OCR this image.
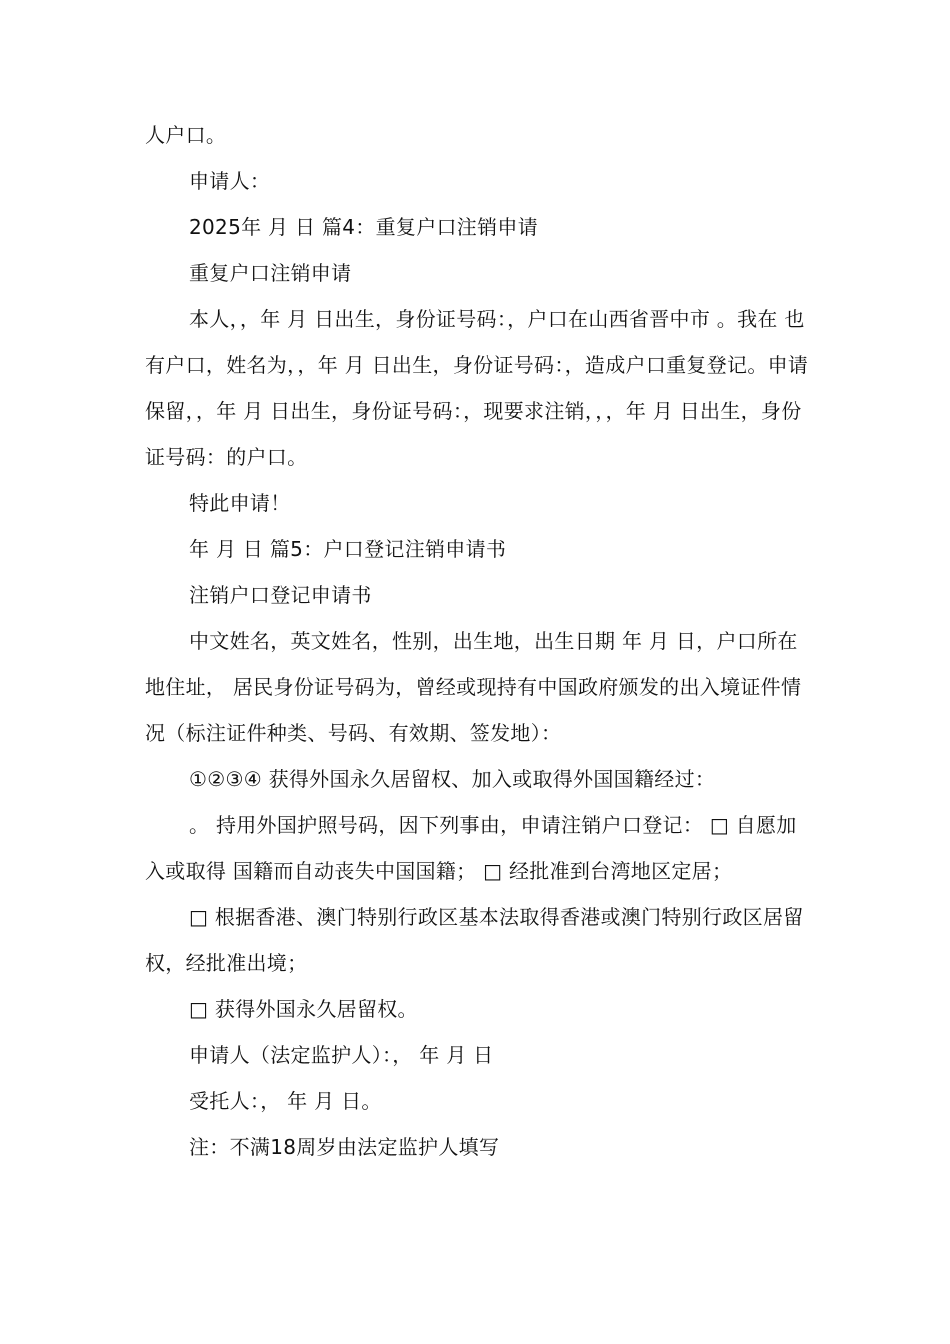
人户口。

申请人：

2025年 月 日 篇4：重复户口注销申请

重复户口注销申请

本人，，年 月 日出生，身份证号码：，户口在山西省晋中市 。我在 也有户口，姓名为，，年 月 日出生，身份证号码：，造成户口重复登记。申请保留，，年 月 日出生，身份证号码：，现要求注销，，，年 月 日出生，身份证号码：的户口。

特此申请！

年 月 日 篇5：户口登记注销申请书

注销户口登记申请书

中文姓名，英文姓名，性别，出生地，出生日期 年 月 日，户口所在地住址， 居民身份证号码为，曾经或现持有中国政府颁发的出入境证件情况（标注证件种类、号码、有效期、签发地）：

①②③④ 获得外国永久居留权、加入或取得外国国籍经过：

。 持用外国护照号码，因下列事由，申请注销户口登记： □ 自愿加入或取得 国籍而自动丧失中国国籍； □ 经批准到台湾地区定居；

□ 根据香港、澳门特别行政区基本法取得香港或澳门特别行政区居留权，经批准出境；

□ 获得外国永久居留权。

申请人（法定监护人）：， 年 月 日

受托人：， 年 月 日。

注：不满18周岁由法定监护人填写
